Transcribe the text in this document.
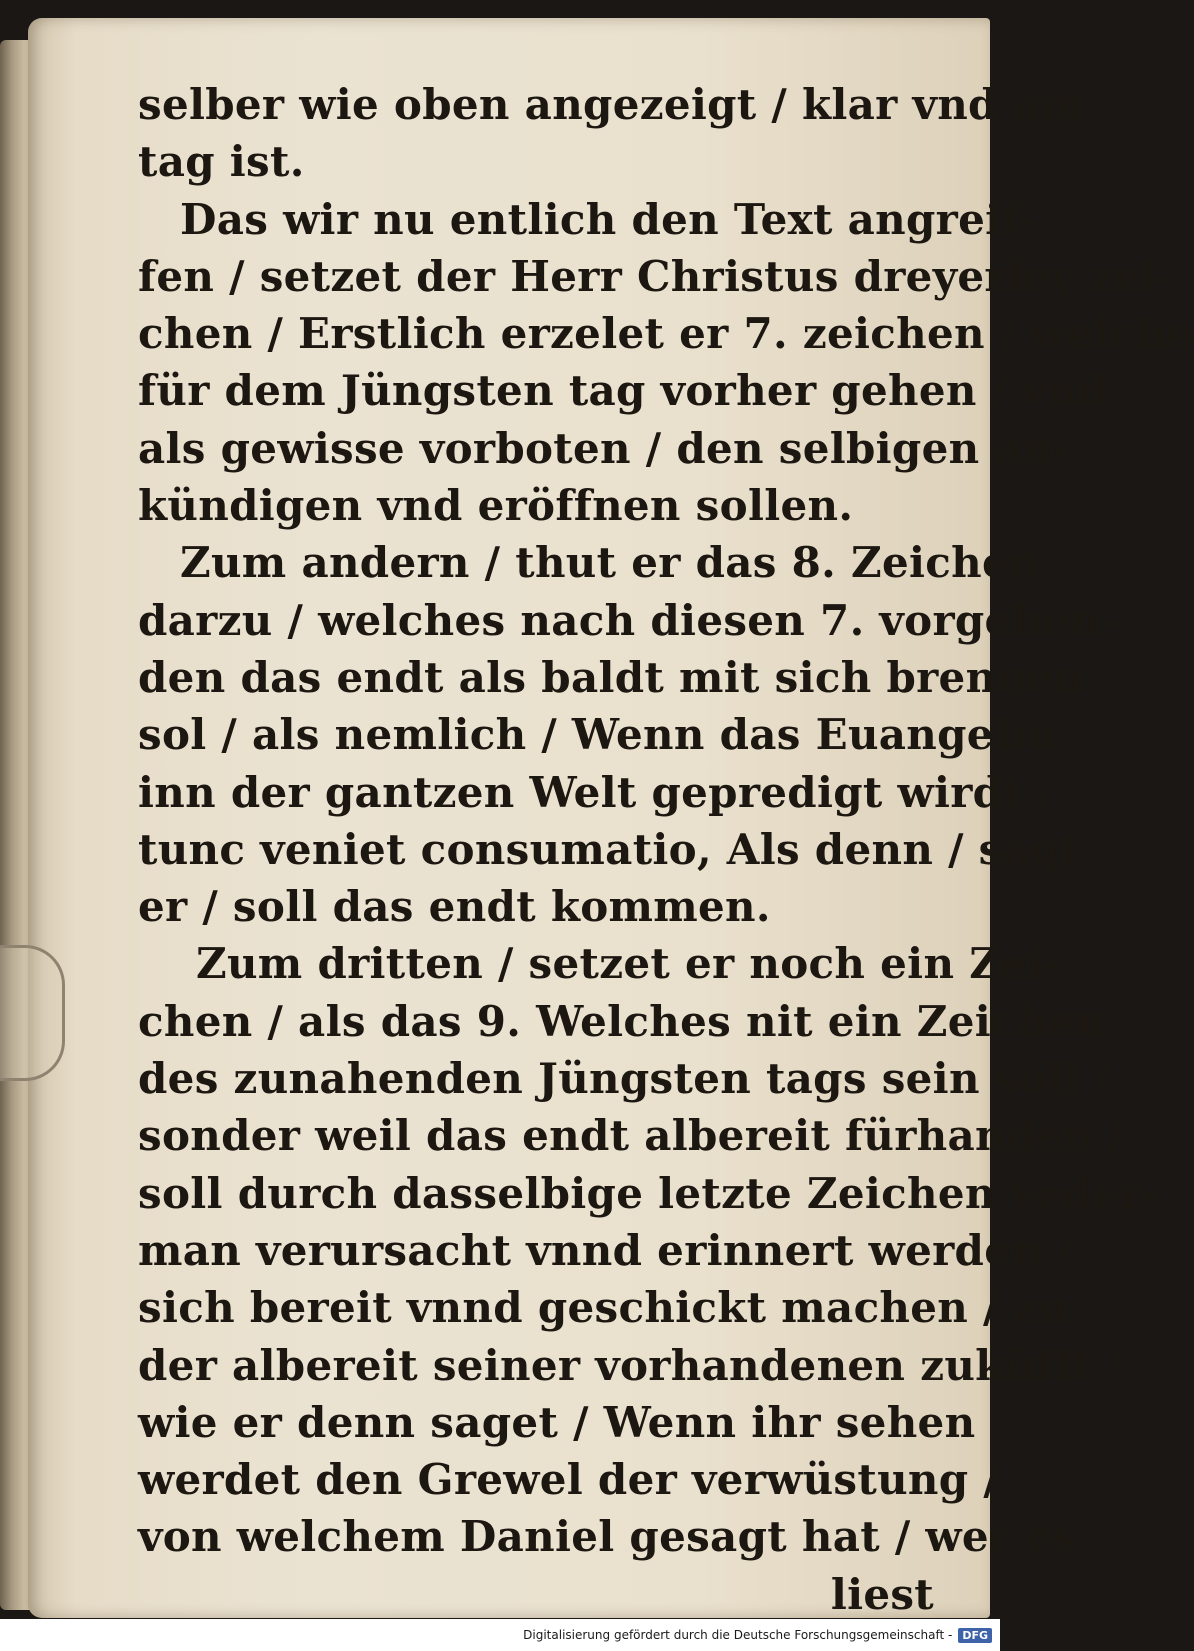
selber wie oben angezeigt / klar vnd am
tag ist.
Das wir nu entlich den Text angreif-
fen / setzet der Herr Christus dreyerley zei-
chen / Erstlich erzelet er 7. zeichen / welche
für dem Jüngsten tag vorher gehen / vnd
als gewisse vorboten / den selbigen an-
kündigen vnd eröffnen sollen.
Zum andern / thut er das 8. Zeichen
darzu / welches nach diesen 7. vorgehen-
den das endt als baldt mit sich brengen
sol / als nemlich / Wenn das Euangeliũ
inn der gantzen Welt gepredigt wirdt /
tunc veniet consumatio, Als denn / sagt
er / soll das endt kommen.
Zum dritten / setzet er noch ein Zei-
chen / als das 9. Welches nit ein Zeichen
des zunahenden Jüngsten tags sein soll /
sonder weil das endt albereit fürhanden /
soll durch dasselbige letzte Zeichen yeder-
man verursacht vnnd erinnert werden /
sich bereit vnnd geschickt machen / zu
der albereit seiner vorhandenen zukũfft /
wie er denn saget / Wenn ihr sehen
werdet den Grewel der verwüstung /
von welchem Daniel gesagt hat / wer es
liest
Digitalisierung gefördert durch die Deutsche Forschungsgemeinschaft - DFG
